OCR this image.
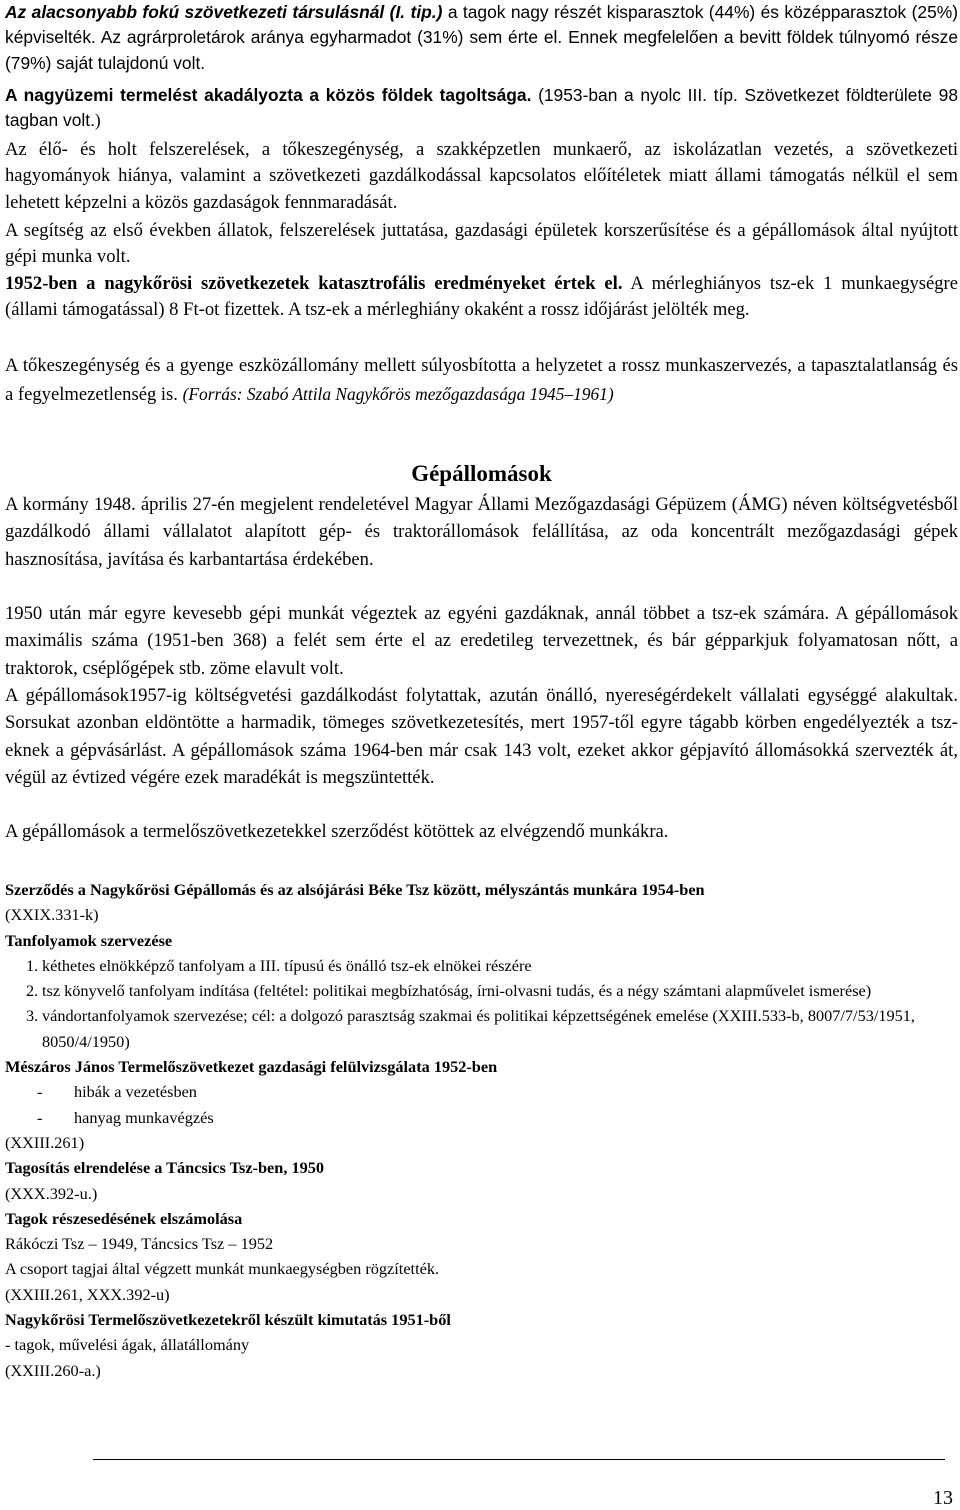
Az alacsonyabb fokú szövetkezeti társulásnál (I. tip.) a tagok nagy részét kisparasztok (44%) és középparasztok (25%) képviselték. Az agrárproletárok aránya egyharmadot (31%) sem érte el. Ennek megfelelően a bevitt földek túlnyomó része (79%) saját tulajdonú volt.

A nagyüzemi termelést akadályozta a közös földek tagoltsága. (1953-ban a nyolc III. típ. Szövetkezet földterülete 98 tagban volt.)

Az élő- és holt felszerelések, a tőkeszegénység, a szakképzetlen munkaerő, az iskolázatlan vezetés, a szövetkezeti hagyományok hiánya, valamint a szövetkezeti gazdálkodással kapcsolatos előítéletek miatt állami támogatás nélkül el sem lehetett képzelni a közös gazdaságok fennmaradását.

A segítség az első években állatok, felszerelések juttatása, gazdasági épületek korszerűsítése és a gépállomások által nyújtott gépi munka volt.

1952-ben a nagykőrösi szövetkezetek katasztrofális eredményeket értek el. A mérleghiányos tsz-ek 1 munkaegységre (állami támogatással) 8 Ft-ot fizettek. A tsz-ek a mérleghiány okaként a rossz időjárást jelölték meg.

A tőkeszegénység és a gyenge eszközállomány mellett súlyosbította a helyzetet a rossz munkaszervezés, a tapasztalatlanság és a fegyelmezetlenség is. (Forrás: Szabó Attila Nagykőrös mezőgazdasága 1945–1961)

Gépállomások

A kormány 1948. április 27-én megjelent rendeletével Magyar Állami Mezőgazdasági Gépüzem (ÁMG) néven költségvetésből gazdálkodó állami vállalatot alapított gép- és traktorállomások felállítása, az oda koncentrált mezőgazdasági gépek hasznosítása, javítása és karbantartása érdekében.

1950 után már egyre kevesebb gépi munkát végeztek az egyéni gazdáknak, annál többet a tsz-ek számára. A gépállomások maximális száma (1951-ben 368) a felét sem érte el az eredetileg tervezettnek, és bár gépparkjuk folyamatosan nőtt, a traktorok, cséplőgépek stb. zöme elavult volt.

A gépállomások1957-ig költségvetési gazdálkodást folytattak, azután önálló, nyereségérdekelt vállalati egységgé alakultak. Sorsukat azonban eldöntötte a harmadik, tömeges szövetkezetesítés, mert 1957-től egyre tágabb körben engedélyezték a tsz-eknek a gépvásárlást. A gépállomások száma 1964-ben már csak 143 volt, ezeket akkor gépjavító állomásokká szervezték át, végül az évtized végére ezek maradékát is megszüntették.

A gépállomások a termelőszövetkezetekkel szerződést kötöttek az elvégzendő munkákra.

Szerződés a Nagykőrösi Gépállomás és az alsójárási Béke Tsz között, mélyszántás munkára 1954-ben
(XXIX.331-k)
Tanfolyamok szervezése
1. kéthetes elnökképző tanfolyam a III. típusú és önálló tsz-ek elnökei részére
2. tsz könyvelő tanfolyam indítása (feltétel: politikai megbízhatóság, írni-olvasni tudás, és a négy számtani alapművelet ismerése)
3. vándortanfolyamok szervezése; cél: a dolgozó parasztság szakmai és politikai képzettségének emelése (XXIII.533-b, 8007/7/53/1951, 8050/4/1950)
Mészáros János Termelőszövetkezet gazdasági felülvizsgálata 1952-ben
- hibák a vezetésben
- hanyag munkavégzés
(XXIII.261)
Tagosítás elrendelése a Táncsics Tsz-ben, 1950
(XXX.392-u.)
Tagok részesedésének elszámolása
Rákóczi Tsz – 1949, Táncsics Tsz – 1952
A csoport tagjai által végzett munkát munkaegységben rögzítették.
(XXIII.261, XXX.392-u)
Nagykőrösi Termelőszövetkezetekről készült kimutatás 1951-ből
- tagok, művelési ágak, állatállomány
(XXIII.260-a.)
13
